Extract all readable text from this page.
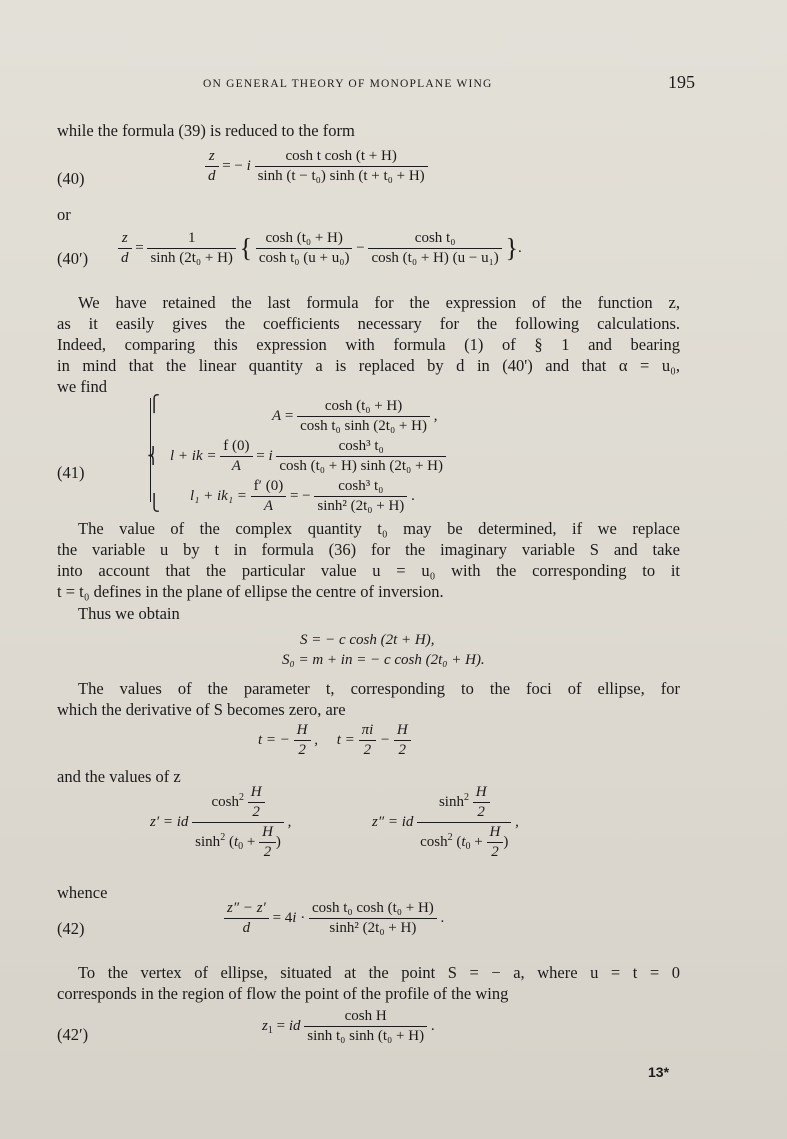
ON GENERAL THEORY OF MONOPLANE WING	195
while the formula (39) is reduced to the form
(40)	$\frac{z}{d}$ = − i $\frac{\text{cosh t cosh (t + H)}}{\text{sinh (t − t₀) sinh (t + t₀ + H)}}$
or
$(40') \frac{z}{d} = \frac{1}{\text{sinh (2t₀ + H)}}$ { $\frac{\text{cosh (t₀ + H)}}{\text{cosh t₀ (u + u₀)}} - \frac{\text{cosh t₀}}{\text{cosh (t₀ + H) (u − u₁)}}$ }.
We have retained the last formula for the expression of the function z,
as it easily gives the coefficients necessary for the following calculations.
Indeed, comparing this expression with formula (1) of § 1 and bearing
in mind that the linear quantity a is replaced by d in (40') and that α = u₀,
we find
(41)
⎧
⎨
⎩
$A = \frac{\text{cosh (t₀ + H)}}{\text{cosh t₀ sinh (2t₀ + H)}}$ ,
l + ik = $\frac{f (0)}{A} = i \frac{\text{cosh³ t₀}}{\text{cosh (t₀ + H) sinh (2t₀ + H)}}$
$l_1 + ik_1 = \frac{f' (0)}{A}$ = − $\frac{\text{cosh³ t₀}}{\text{sinh² (2t₀ + H)}}$ .
The value of the complex quantity t₀ may be determined, if we replace
the variable u by t in formula (36) for the imaginary variable S and take
into account that the particular value u = u₀ with the corresponding to it
t = t₀ defines in the plane of ellipse the centre of inversion.
Thus we obtain
S = − c cosh (2t + H),
S₀ = m + in = − c cosh (2t₀ + H).
The values of the parameter t, corresponding to the foci of ellipse, for
which the derivative of S becomes zero, are
t = − $\frac{H}{2}$ ,     $t = \frac{\pi i}{2} - \frac{H}{2}$
and the values of z
z′ = id $\frac{\cosh^2 \frac{H}{2}}{\sinh^2 (t_0 + \frac{H}{2} )}$ ,	z″ = id $\frac{\sinh^2 \frac{H}{2}}{\cosh^2 (t_0 + \frac{H}{2} )}$ ,
whence
(42)	$\frac{z'' - z'}{d} = 4i \cdot \frac{\text{cosh t₀ cosh (t₀ + H)}}{\text{sinh² (2t₀ + H)}}$ .
To the vertex of ellipse, situated at the point S = − a, where u = t = 0
corresponds in the region of flow the point of the profile of the wing
(42′)	$z_1$ = id $\frac{\text{cosh H}}{\text{sinh t₀ sinh (t₀ + H)}}$ .
13*
